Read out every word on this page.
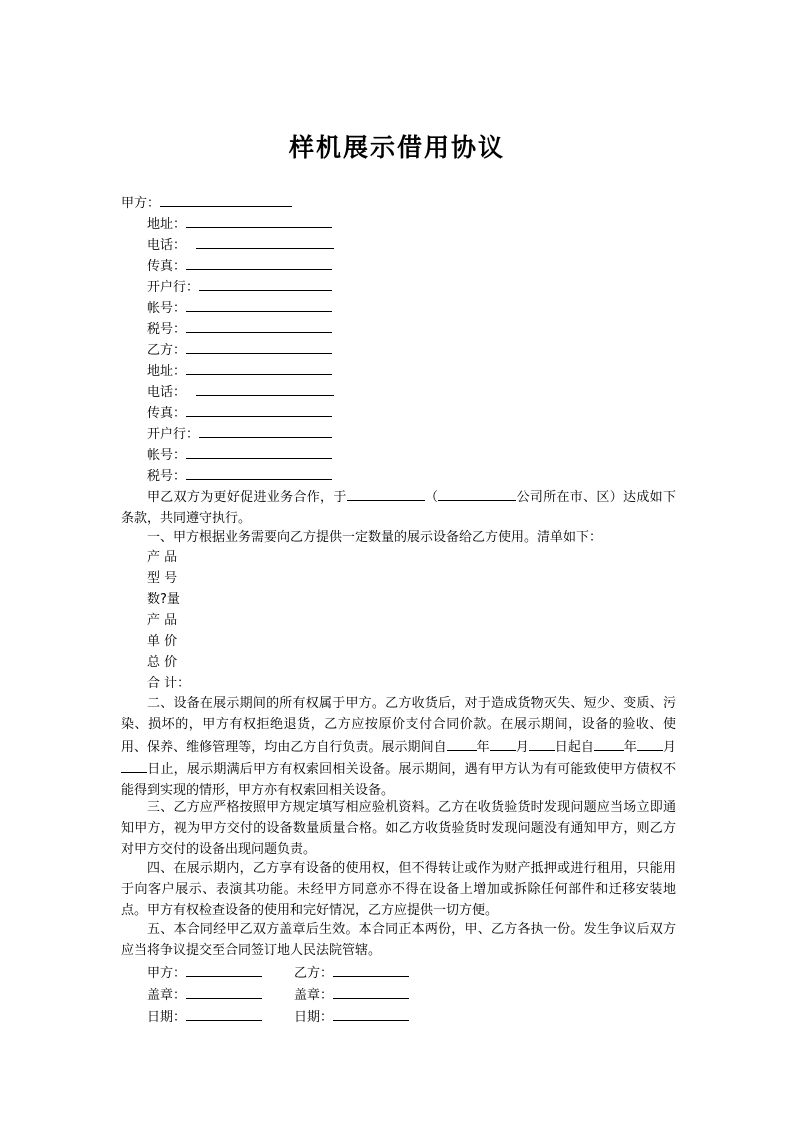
样机展示借用协议
甲方：
地址：
电话：
传真：
开户行：
帐号：
税号：
乙方：
地址：
电话：
传真：
开户行：
帐号：
税号：
甲乙双方为更好促进业务合作，于	（	公司所在市、区）达成如下条款，共同遵守执行。
一、甲方根据业务需要向乙方提供一定数量的展示设备给乙方使用。清单如下：
产 品
型 号
数?量
产 品
单 价
总 价
合 计：
二、设备在展示期间的所有权属于甲方。乙方收货后，对于造成货物灭失、短少、变质、污染、损坏的，甲方有权拒绝退货，乙方应按原价支付合同价款。在展示期间，设备的验收、使用、保养、维修管理等，均由乙方自行负责。展示期间自 年 月 日起自 年 月日止，展示期满后甲方有权索回相关设备。展示期间，遇有甲方认为有可能致使甲方债权不能得到实现的情形，甲方亦有权索回相关设备。
三、乙方应严格按照甲方规定填写相应验机资料。乙方在收货验货时发现问题应当场立即通知甲方，视为甲方交付的设备数量质量合格。如乙方收货验货时发现问题没有通知甲方，则乙方对甲方交付的设备出现问题负责。
四、在展示期内，乙方享有设备的使用权，但不得转让或作为财产抵押或进行租用，只能用于向客户展示、表演其功能。未经甲方同意亦不得在设备上增加或拆除任何部件和迁移安装地点。甲方有权检查设备的使用和完好情况，乙方应提供一切方便。
五、本合同经甲乙双方盖章后生效。本合同正本两份，甲、乙方各执一份。发生争议后双方应当将争议提交至合同签订地人民法院管辖。
甲方：
盖章：
日期：
乙方：
盖章：
日期：
